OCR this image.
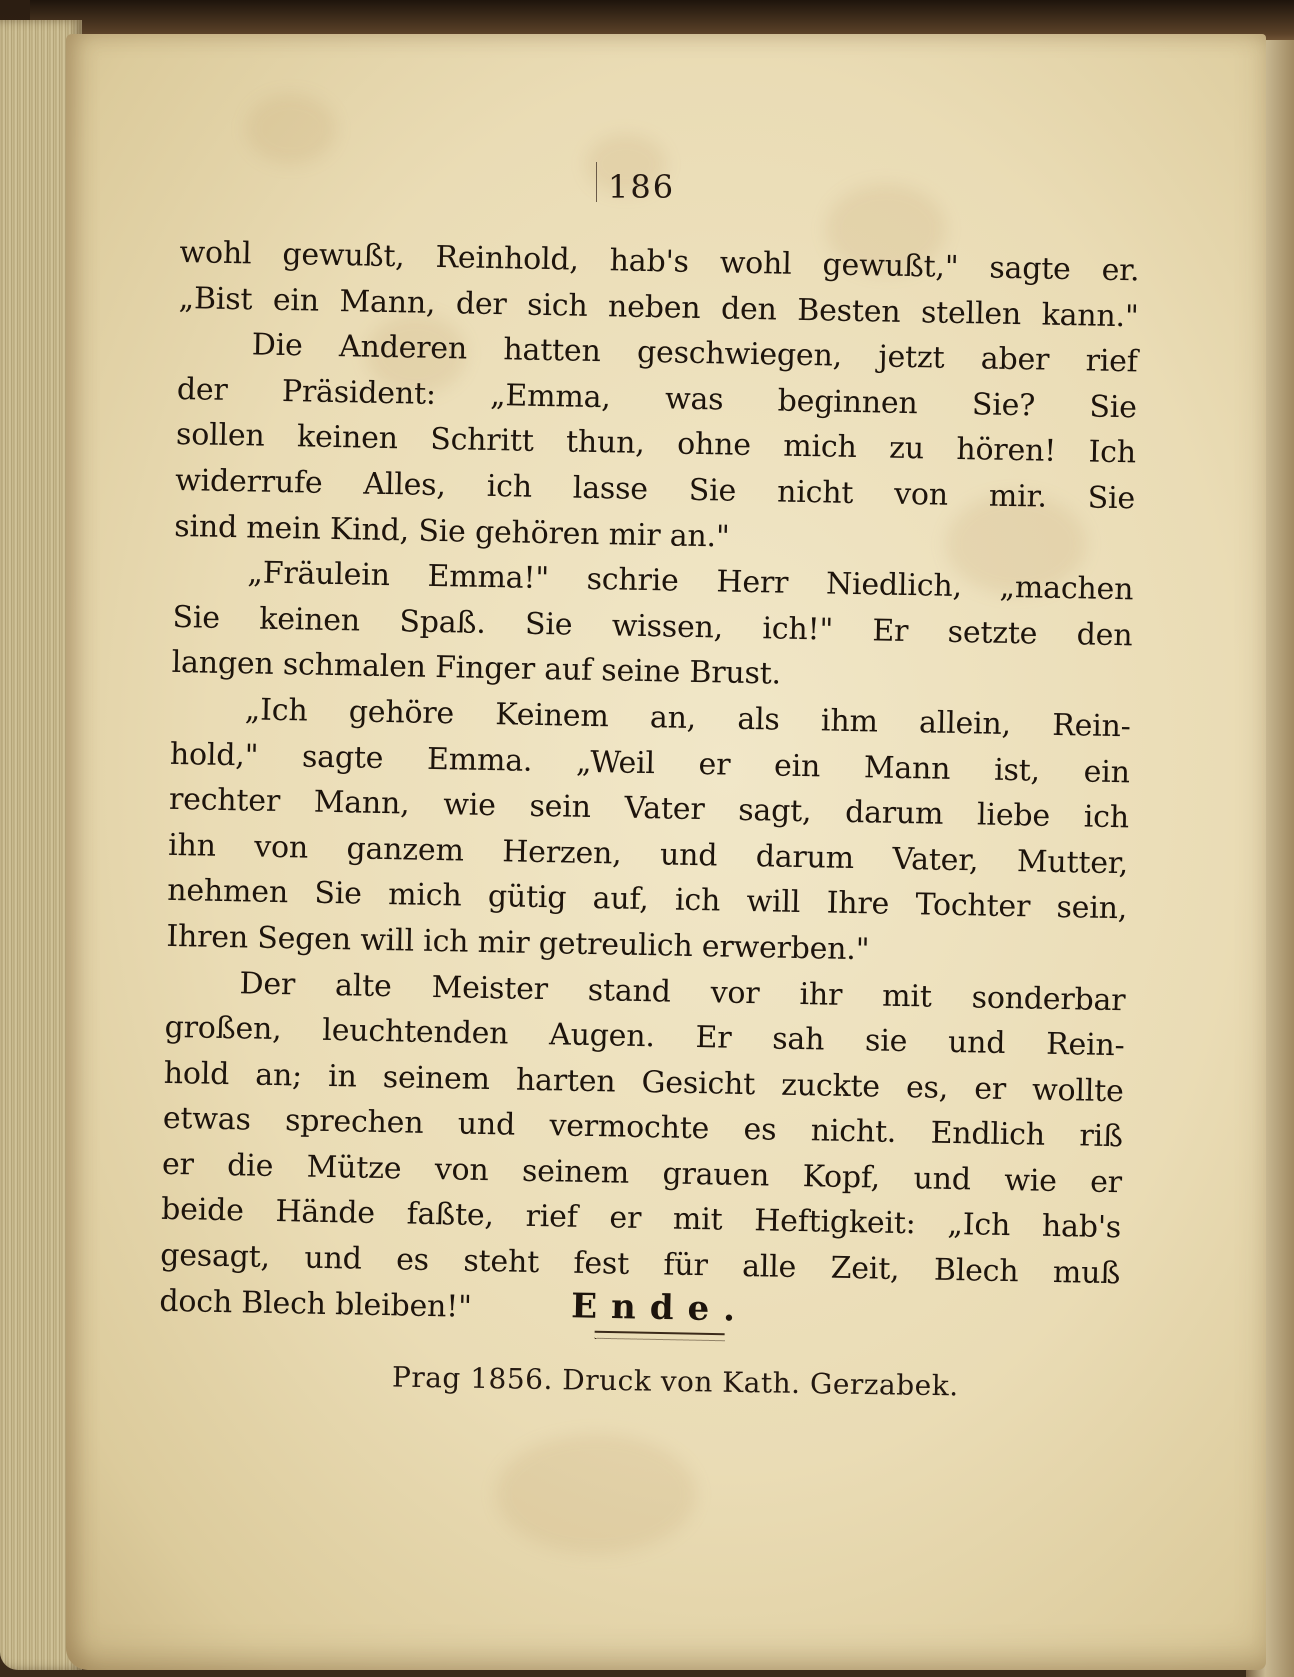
186
wohl gewußt, Reinhold, hab's wohl gewußt," sagte er.
„Bist ein Mann, der sich neben den Besten stellen kann."
Die Anderen hatten geschwiegen, jetzt aber rief
der Präsident: „Emma, was beginnen Sie? Sie
sollen keinen Schritt thun, ohne mich zu hören! Ich
widerrufe Alles, ich lasse Sie nicht von mir. Sie
sind mein Kind, Sie gehören mir an."
„Fräulein Emma!" schrie Herr Niedlich, „machen
Sie keinen Spaß. Sie wissen, ich!" Er setzte den
langen schmalen Finger auf seine Brust.
„Ich gehöre Keinem an, als ihm allein, Rein-
hold," sagte Emma. „Weil er ein Mann ist, ein
rechter Mann, wie sein Vater sagt, darum liebe ich
ihn von ganzem Herzen, und darum Vater, Mutter,
nehmen Sie mich gütig auf, ich will Ihre Tochter sein,
Ihren Segen will ich mir getreulich erwerben."
Der alte Meister stand vor ihr mit sonderbar
großen, leuchtenden Augen. Er sah sie und Rein-
hold an; in seinem harten Gesicht zuckte es, er wollte
etwas sprechen und vermochte es nicht. Endlich riß
er die Mütze von seinem grauen Kopf, und wie er
beide Hände faßte, rief er mit Heftigkeit: „Ich hab's
gesagt, und es steht fest für alle Zeit, Blech muß
doch Blech bleiben!"	Ende.
Prag 1856. Druck von Kath. Gerzabek.
